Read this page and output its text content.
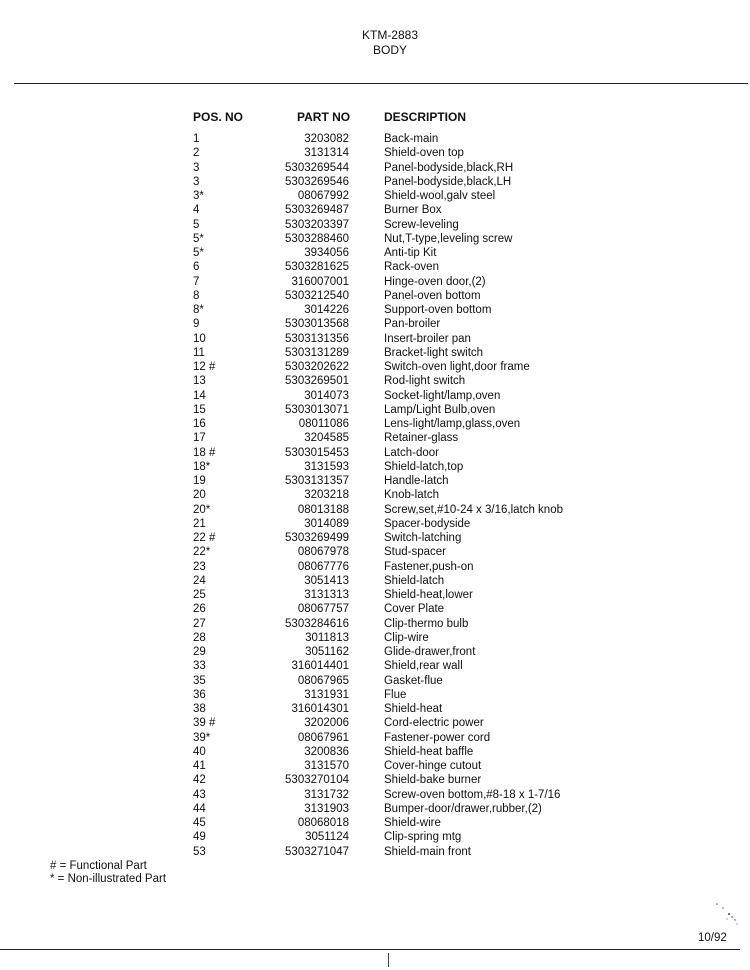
KTM-2883
BODY
POS. NO	PART NO	DESCRIPTION
1	3203082	Back-main
2	3131314	Shield-oven top
3	5303269544	Panel-bodyside,black,RH
3	5303269546	Panel-bodyside,black,LH
3*	08067992	Shield-wool,galv steel
4	5303269487	Burner Box
5	5303203397	Screw-leveling
5*	5303288460	Nut,T-type,leveling screw
5*	3934056	Anti-tip Kit
6	5303281625	Rack-oven
7	316007001	Hinge-oven door,(2)
8	5303212540	Panel-oven bottom
8*	3014226	Support-oven bottom
9	5303013568	Pan-broiler
10	5303131356	Insert-broiler pan
11	5303131289	Bracket-light switch
12 #	5303202622	Switch-oven light,door frame
13	5303269501	Rod-light switch
14	3014073	Socket-light/lamp,oven
15	5303013071	Lamp/Light Bulb,oven
16	08011086	Lens-light/lamp,glass,oven
17	3204585	Retainer-glass
18 #	5303015453	Latch-door
18*	3131593	Shield-latch,top
19	5303131357	Handle-latch
20	3203218	Knob-latch
20*	08013188	Screw,set,#10-24 x 3/16,latch knob
21	3014089	Spacer-bodyside
22 #	5303269499	Switch-latching
22*	08067978	Stud-spacer
23	08067776	Fastener,push-on
24	3051413	Shield-latch
25	3131313	Shield-heat,lower
26	08067757	Cover Plate
27	5303284616	Clip-thermo bulb
28	3011813	Clip-wire
29	3051162	Glide-drawer,front
33	316014401	Shield,rear wall
35	08067965	Gasket-flue
36	3131931	Flue
38	316014301	Shield-heat
39 #	3202006	Cord-electric power
39*	08067961	Fastener-power cord
40	3200836	Shield-heat baffle
41	3131570	Cover-hinge cutout
42	5303270104	Shield-bake burner
43	3131732	Screw-oven bottom,#8-18 x 1-7/16
44	3131903	Bumper-door/drawer,rubber,(2)
45	08068018	Shield-wire
49	3051124	Clip-spring mtg
53	5303271047	Shield-main front
# = Functional Part
* = Non-illustrated Part
10/92
